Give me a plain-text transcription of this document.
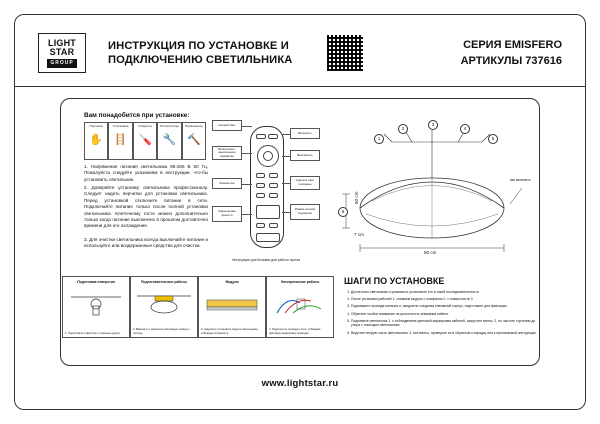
LIGHT
STAR
GROUP
ИНСТРУКЦИЯ ПО УСТАНОВКЕ И ПОДКЛЮЧЕНИЮ СВЕТИЛЬНИКА
СЕРИЯ EMISFERO
АРТИКУЛЫ 737616
Вам понадобится при установке:
Перчатки
✋
Стремянка
🪜
Отвертка
🪛
Плоскогубцы
🔧
Перфоратор
🔨
1. Напряжение питания светильника 85-265 В 50 Гц. Пожалуйста следуйте указаниям в инструкции, что-бы установить светильник.
2. Доверяйте установку светильника профессионалу. Следует надеть перчатки для установки светильника. Перед установкой отключите питание в сети. Подключайте питание только после полной установки светильника. Клеточному госте можно дополнительно только когда питание выключено в прошлом доставточно времени для его охлаждения.
3. Для очистки светильника всегда выключайте питание и используйте или воздержанные средства для очистки.
Ночной свет
Включение / выключение подсветки
Режим сна
Уменьшение яркости
Включить
Выключить
Сделать свет холоднее
Режим ночной подсветки
Инструкция для блоками для работы пульта
1
2
3
4
5
6
50 cm
50 cm
7 cm
как включить
Подготовка отверстия
1. Подготовьте отверстие с помощью дрели
Подготовительные работы
2. Вверните и закрепите монтажную планку к потолку
Модули
3. Аккуратно установите модули светильника, соблюдая полярность
Электрические работы
4. Подключите провода к сети, соблюдая цветовую маркировку проводов
ШАГИ ПО УСТАНОВКЕ
1. Достаточно светильник и упаковки и установите его в такой последовательности
2. После установки рабочей 1. снимаем модуль с плафоном 2. с поверхности 3
3. Поднимаете провода питания и, аккуратно соединяя клеммный корпус, подготовьте для фиксации.
4. Обратите особое внимание на целостность внимания кабеля.
5. Поднимите светильник 1. с соблюдением цветовой маркировки кабелей, закрутите винты. 2. по частоте строении до упора с помощью светильника.
6. Вкрутите вторую часть светильника. 3. все винты, проверьте их в обратном к порядку или к прилагаемой инструкции.
www.lightstar.ru
